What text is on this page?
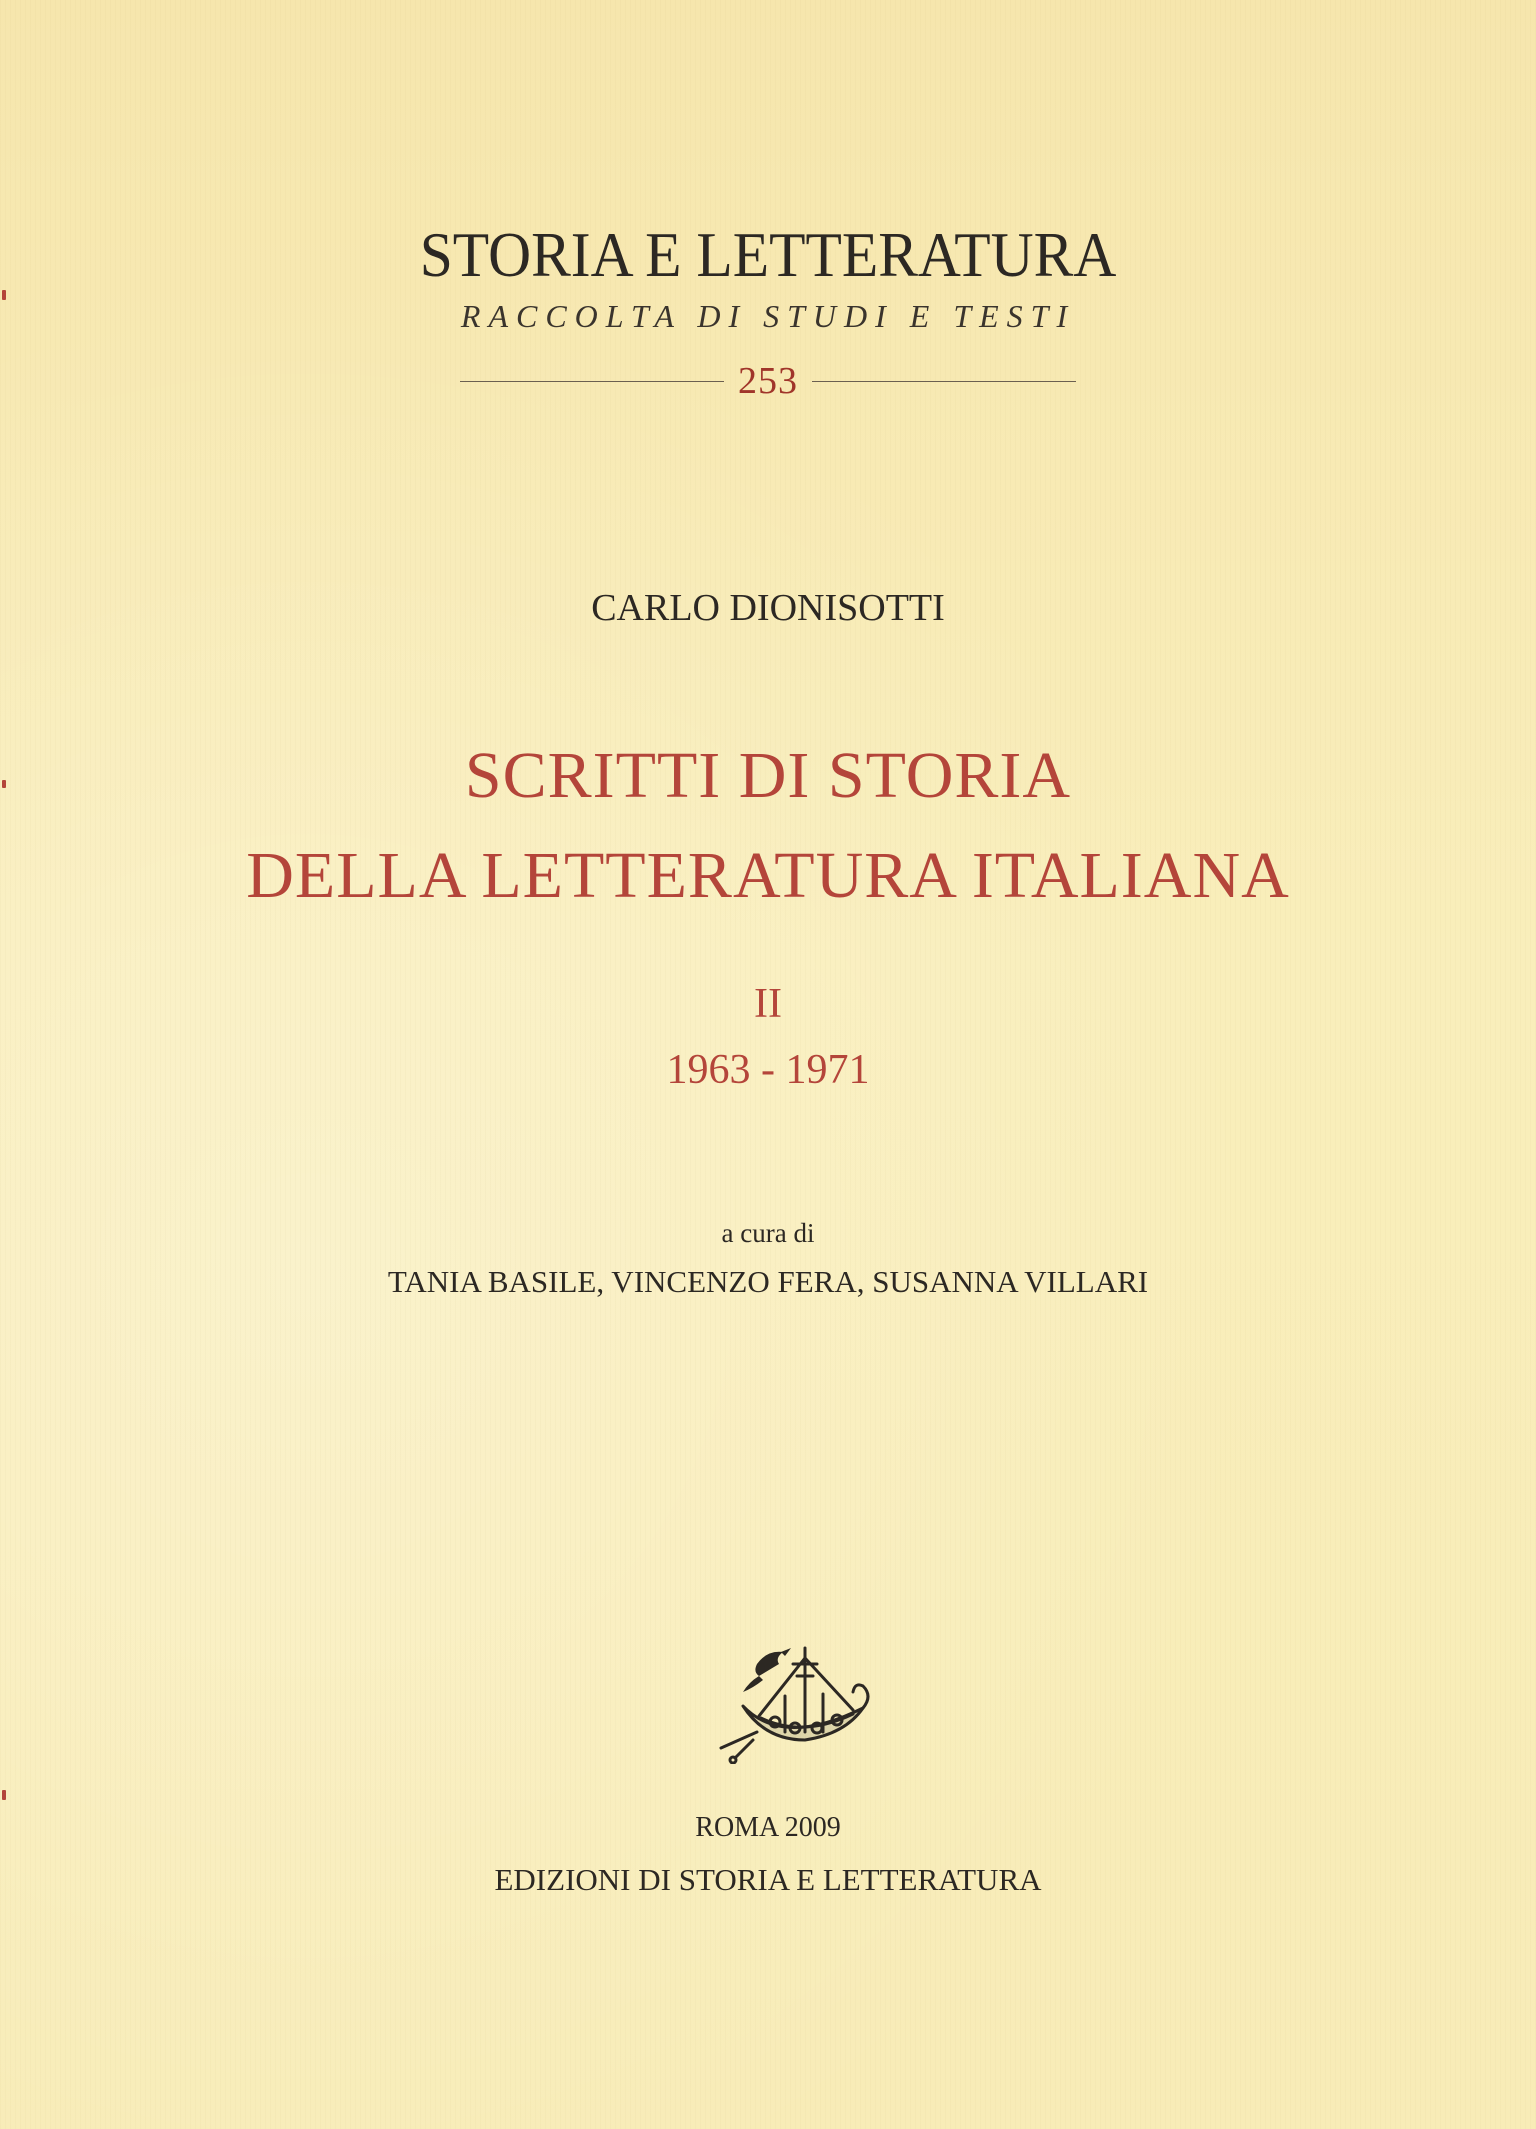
STORIA E LETTERATURA
RACCOLTA DI STUDI E TESTI
253
CARLO DIONISOTTI
SCRITTI DI STORIA
DELLA LETTERATURA ITALIANA
II
1963 - 1971
a cura di
TANIA BASILE, VINCENZO FERA, SUSANNA VILLARI
ROMA 2009
EDIZIONI DI STORIA E LETTERATURA
